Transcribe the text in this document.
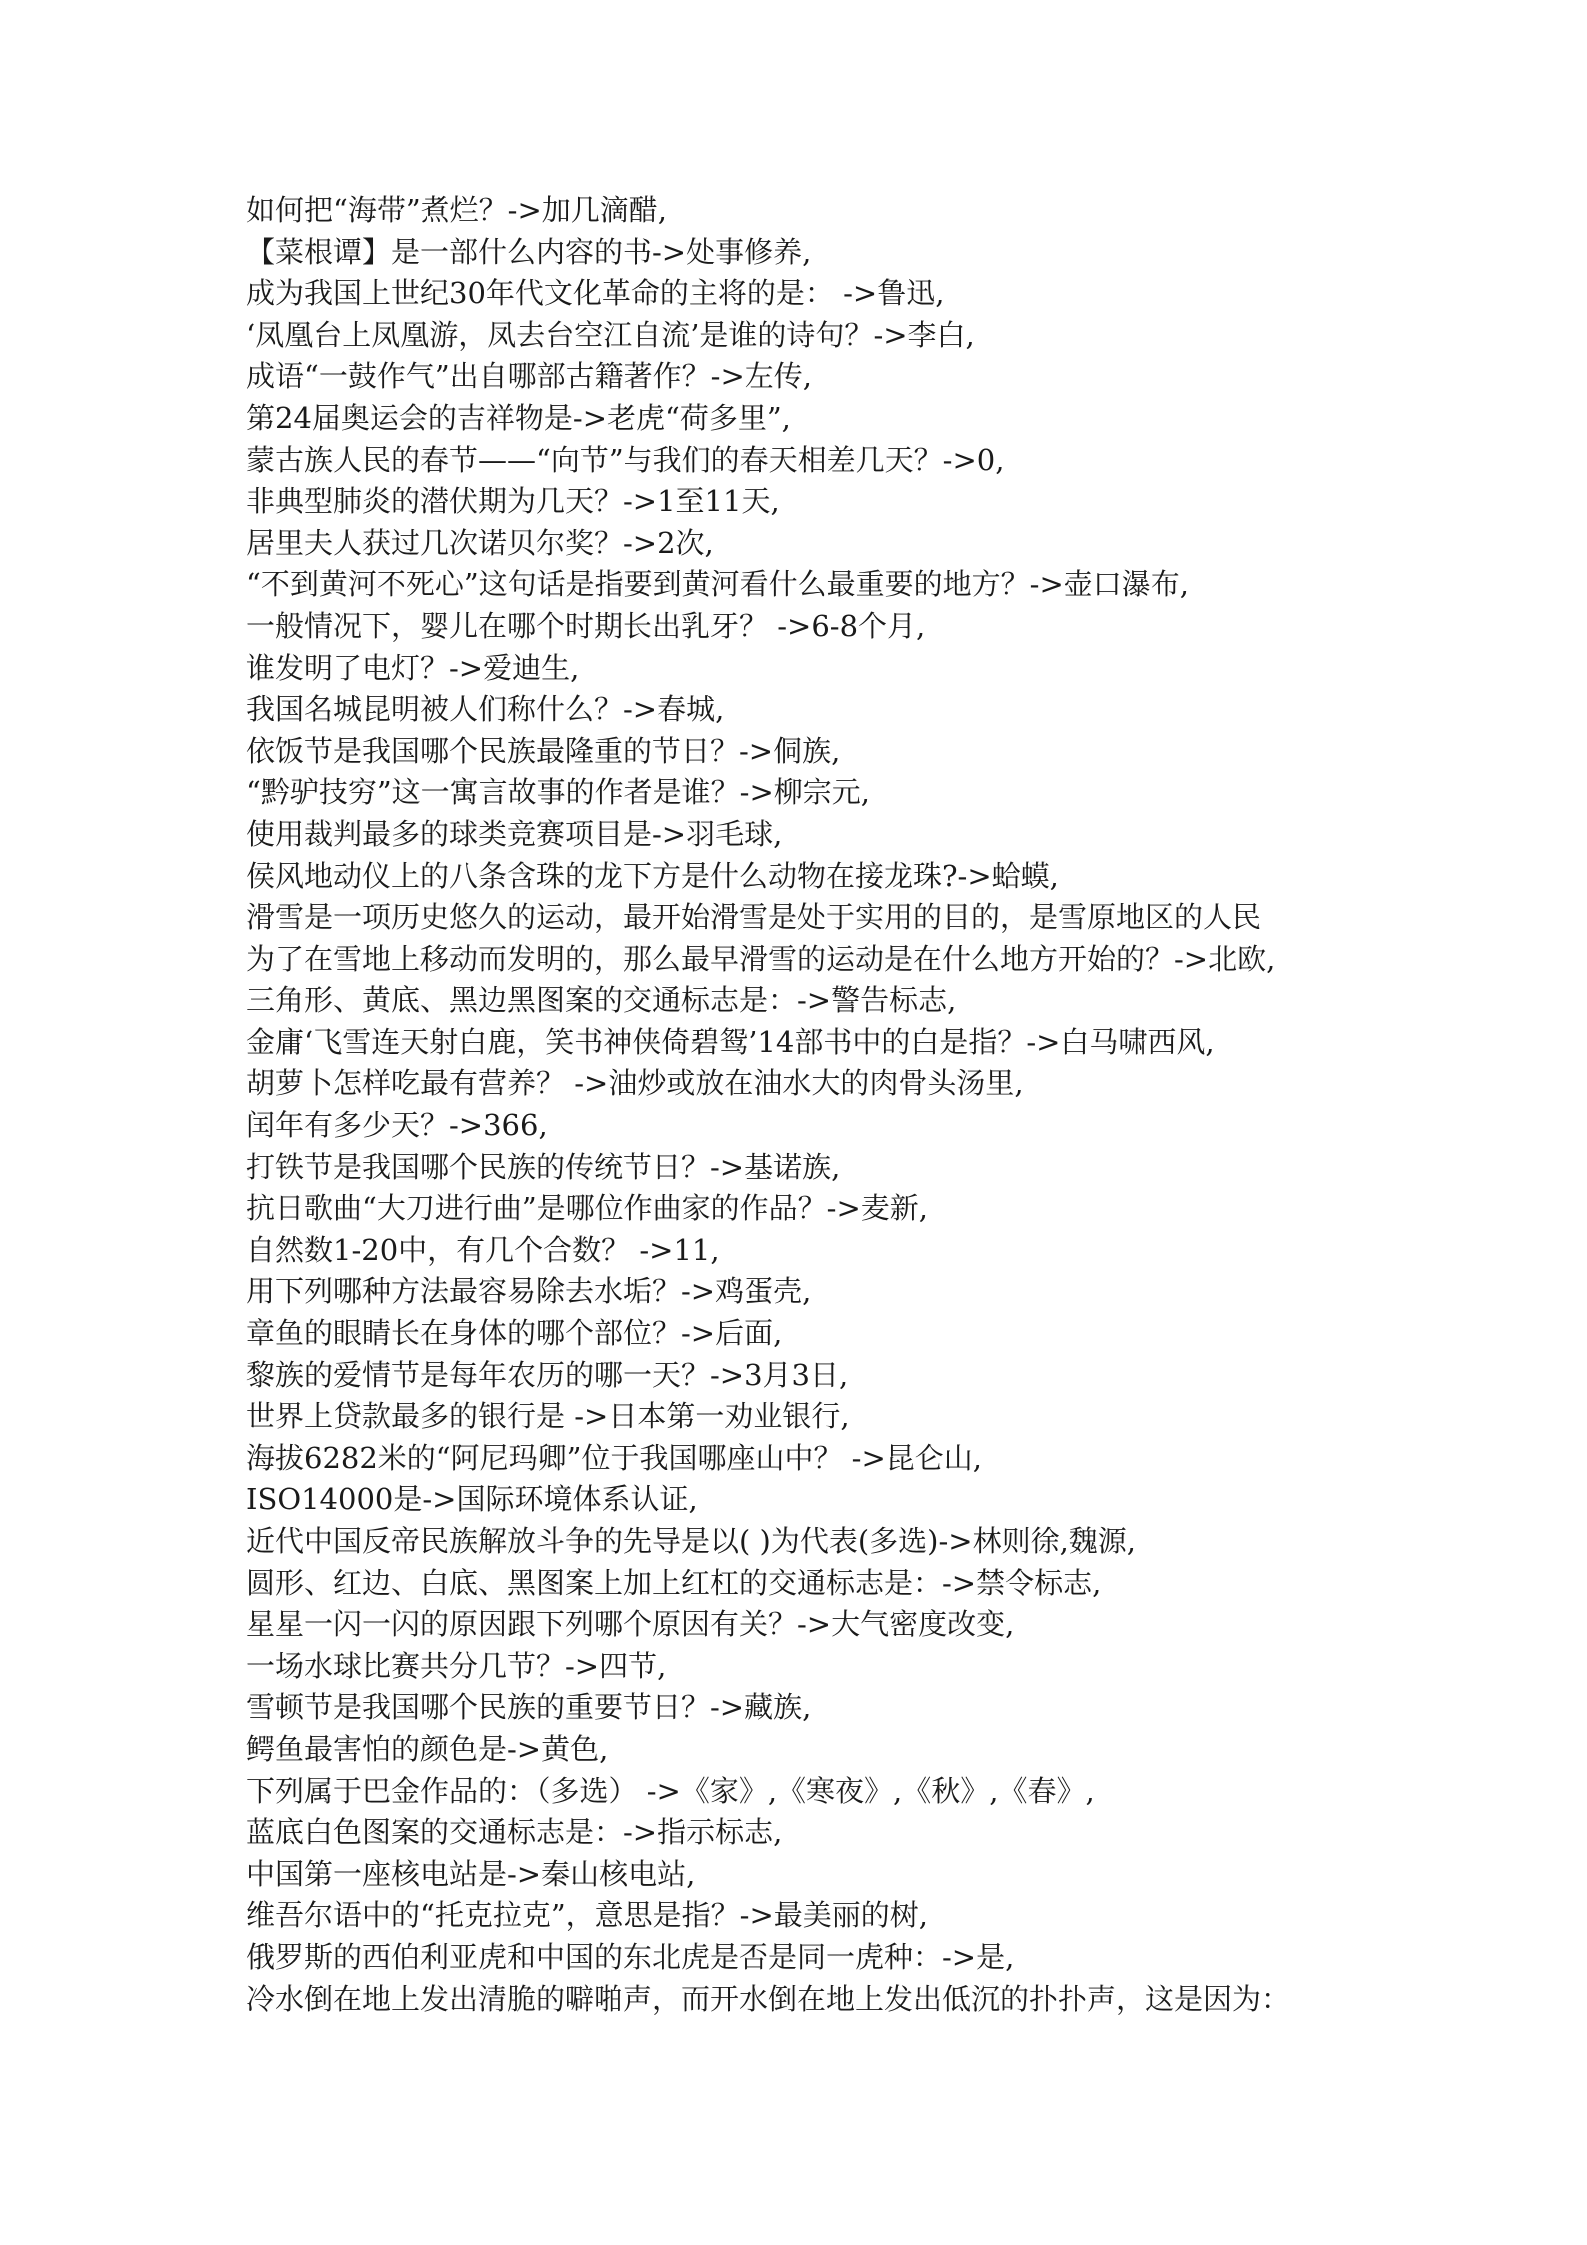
如何把“海带”煮烂？->加几滴醋,
【菜根谭】是一部什么内容的书->处事修养,
成为我国上世纪30年代文化革命的主将的是： ->鲁迅,
‘凤凰台上凤凰游，凤去台空江自流’是谁的诗句？->李白,
成语“一鼓作气”出自哪部古籍著作？->左传,
第24届奥运会的吉祥物是->老虎“荷多里”,
蒙古族人民的春节——“向节”与我们的春天相差几天？->0,
非典型肺炎的潜伏期为几天？->1至11天,
居里夫人获过几次诺贝尔奖？->2次,
“不到黄河不死心”这句话是指要到黄河看什么最重要的地方？->壶口瀑布,
一般情况下，婴儿在哪个时期长出乳牙？ ->6-8个月,
谁发明了电灯？->爱迪生,
我国名城昆明被人们称什么？->春城,
依饭节是我国哪个民族最隆重的节日？->侗族,
“黔驴技穷”这一寓言故事的作者是谁？->柳宗元,
使用裁判最多的球类竞赛项目是->羽毛球,
侯风地动仪上的八条含珠的龙下方是什么动物在接龙珠?->蛤蟆,
滑雪是一项历史悠久的运动，最开始滑雪是处于实用的目的，是雪原地区的人民
为了在雪地上移动而发明的，那么最早滑雪的运动是在什么地方开始的？->北欧,
三角形、黄底、黑边黑图案的交通标志是：->警告标志,
金庸‘飞雪连天射白鹿，笑书神侠倚碧鸳’14部书中的白是指？->白马啸西风,
胡萝卜怎样吃最有营养？ ->油炒或放在油水大的肉骨头汤里,
闰年有多少天？->366,
打铁节是我国哪个民族的传统节日？->基诺族,
抗日歌曲“大刀进行曲”是哪位作曲家的作品？->麦新,
自然数1-20中，有几个合数？ ->11,
用下列哪种方法最容易除去水垢？->鸡蛋壳,
章鱼的眼睛长在身体的哪个部位？->后面,
黎族的爱情节是每年农历的哪一天？->3月3日,
世界上贷款最多的银行是 ->日本第一劝业银行,
海拔6282米的“阿尼玛卿”位于我国哪座山中？ ->昆仑山,
ISO14000是->国际环境体系认证,
近代中国反帝民族解放斗争的先导是以( )为代表(多选)->林则徐,魏源,
圆形、红边、白底、黑图案上加上红杠的交通标志是：->禁令标志,
星星一闪一闪的原因跟下列哪个原因有关？->大气密度改变,
一场水球比赛共分几节？->四节,
雪顿节是我国哪个民族的重要节日？->藏族,
鳄鱼最害怕的颜色是->黄色,
下列属于巴金作品的：（多选） ->《家》,《寒夜》,《秋》,《春》,
蓝底白色图案的交通标志是：->指示标志,
中国第一座核电站是->秦山核电站,
维吾尔语中的“托克拉克”，意思是指？->最美丽的树,
俄罗斯的西伯利亚虎和中国的东北虎是否是同一虎种：->是,
冷水倒在地上发出清脆的噼啪声，而开水倒在地上发出低沉的扑扑声，这是因为：
